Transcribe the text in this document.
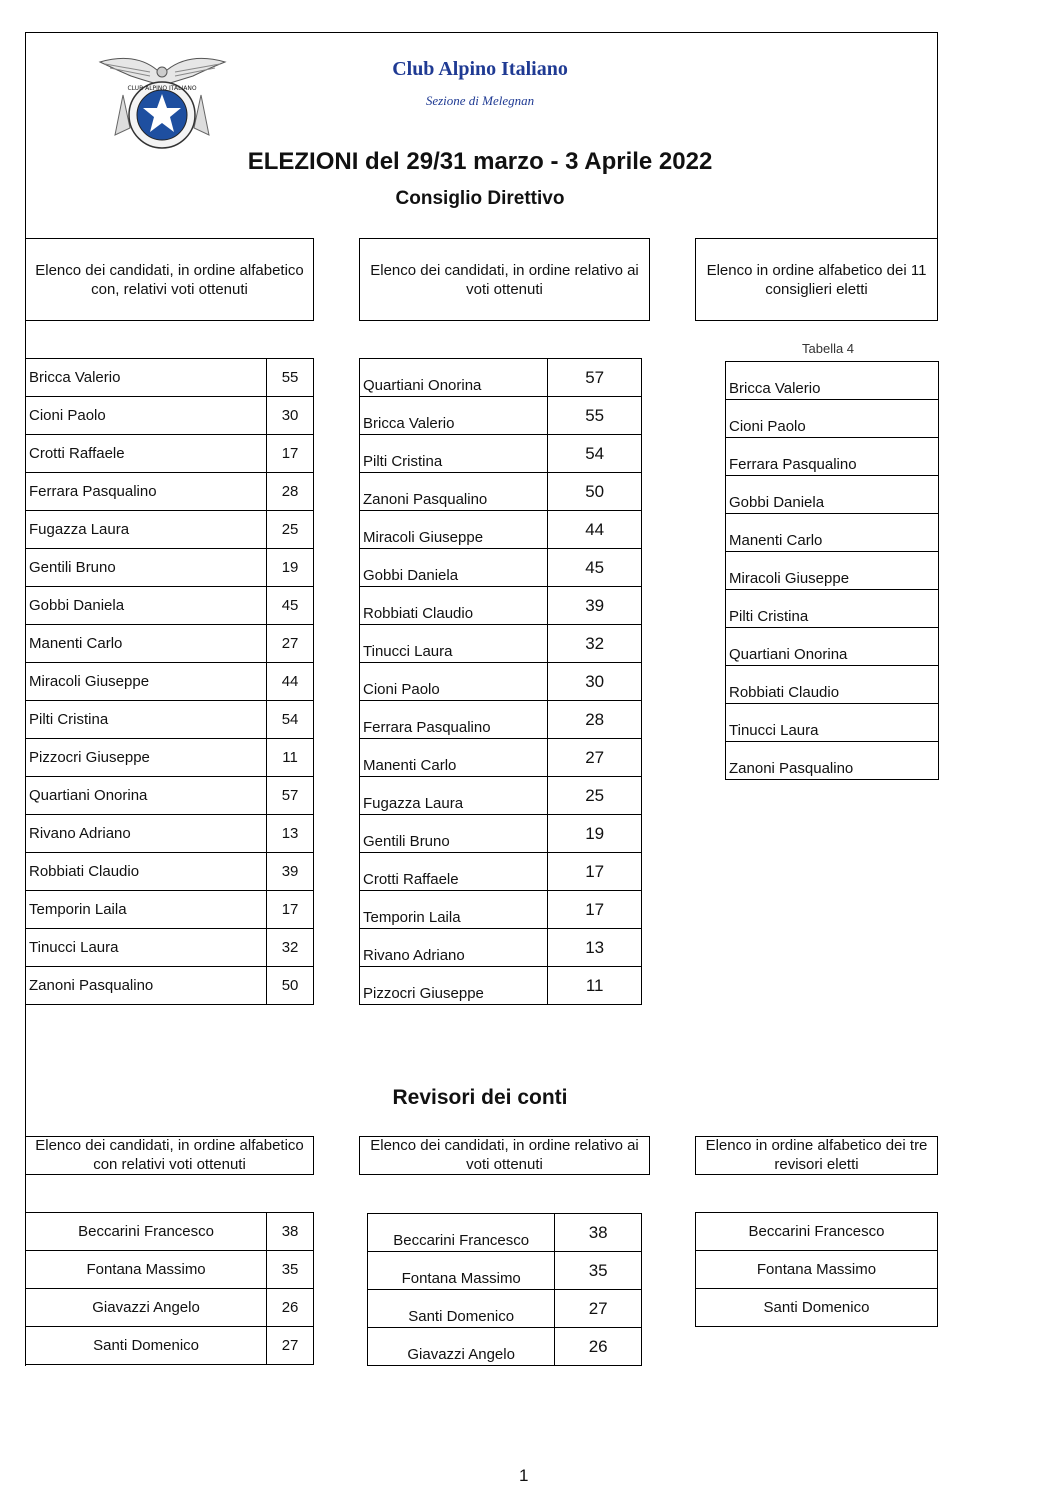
CLUB ALPINO ITALIANO
Club Alpino Italiano
Sezione di Melegnan
ELEZIONI del 29/31 marzo - 3 Aprile 2022
Consiglio Direttivo
Elenco dei candidati, in ordine alfabetico con, relativi voti ottenuti
Elenco dei candidati, in ordine relativo ai voti ottenuti
Elenco in ordine alfabetico dei 11 consiglieri eletti
Tabella 4
Bricca Valerio	55
Cioni Paolo	30
Crotti Raffaele	17
Ferrara Pasqualino	28
Fugazza Laura	25
Gentili Bruno	19
Gobbi Daniela	45
Manenti Carlo	27
Miracoli Giuseppe	44
Pilti Cristina	54
Pizzocri Giuseppe	11
Quartiani Onorina	57
Rivano Adriano	13
Robbiati Claudio	39
Temporin Laila	17
Tinucci Laura	32
Zanoni Pasqualino	50
Quartiani Onorina	57
Bricca Valerio	55
Pilti Cristina	54
Zanoni Pasqualino	50
Miracoli Giuseppe	44
Gobbi Daniela	45
Robbiati Claudio	39
Tinucci Laura	32
Cioni Paolo	30
Ferrara Pasqualino	28
Manenti Carlo	27
Fugazza Laura	25
Gentili Bruno	19
Crotti Raffaele	17
Temporin Laila	17
Rivano Adriano	13
Pizzocri Giuseppe	11
Bricca Valerio
Cioni Paolo
Ferrara Pasqualino
Gobbi Daniela
Manenti Carlo
Miracoli Giuseppe
Pilti Cristina
Quartiani Onorina
Robbiati Claudio
Tinucci Laura
Zanoni Pasqualino
Revisori dei conti
Elenco dei candidati, in ordine alfabetico con relativi voti ottenuti
Elenco dei candidati, in ordine relativo ai voti ottenuti
Elenco in ordine alfabetico dei tre revisori eletti
Beccarini Francesco	38
Fontana Massimo	35
Giavazzi Angelo	26
Santi Domenico	27
Beccarini Francesco	38
Fontana Massimo	35
Santi Domenico	27
Giavazzi Angelo	26
Beccarini Francesco
Fontana Massimo
Santi Domenico
1
